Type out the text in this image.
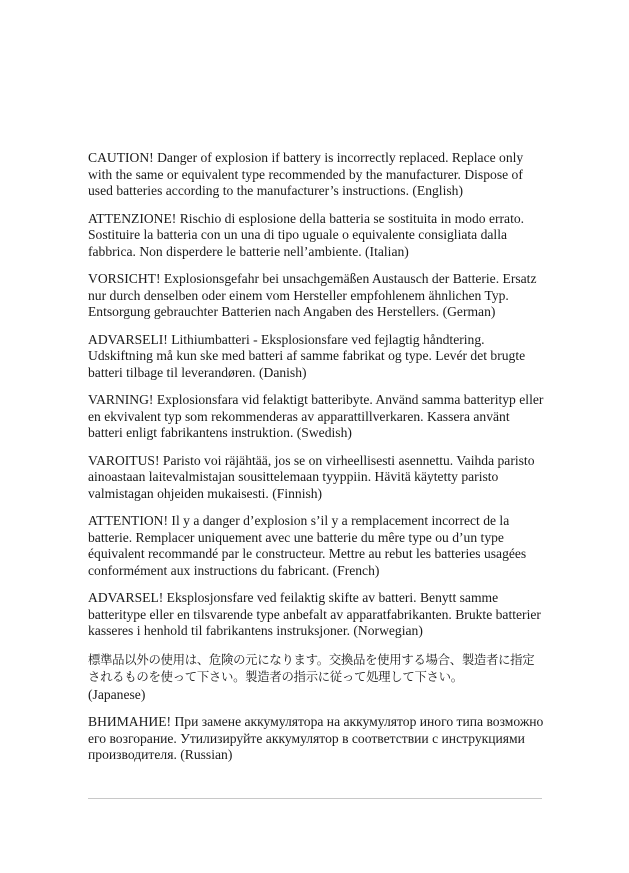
CAUTION! Danger of explosion if battery is incorrectly replaced. Replace only with the same or equivalent type recommended by the manufacturer. Dispose of used batteries according to the manufacturer’s instructions. (English)

ATTENZIONE! Rischio di esplosione della batteria se sostituita in modo errato. Sostituire la batteria con un una di tipo uguale o equivalente consigliata dalla fabbrica. Non disperdere le batterie nell’ambiente. (Italian)

VORSICHT! Explosionsgefahr bei unsachgemäßen Austausch der Batterie. Ersatz nur durch denselben oder einem vom Hersteller empfohlenem ähnlichen Typ. Entsorgung gebrauchter Batterien nach Angaben des Herstellers. (German)

ADVARSELI! Lithiumbatteri - Eksplosionsfare ved fejlagtig håndtering. Udskiftning må kun ske med batteri af samme fabrikat og type. Levér det brugte batteri tilbage til leverandøren. (Danish)

VARNING! Explosionsfara vid felaktigt batteribyte. Använd samma batterityp eller en ekvivalent typ som rekommenderas av apparattillverkaren. Kassera använt batteri enligt fabrikantens instruktion. (Swedish)

VAROITUS! Paristo voi räjähtää, jos se on virheellisesti asennettu. Vaihda paristo ainoastaan laitevalmistajan sousittelemaan tyyppiin. Hävitä käytetty paristo valmistagan ohjeiden mukaisesti. (Finnish)

ATTENTION! Il y a danger d’explosion s’il y a remplacement incorrect de la batterie. Remplacer uniquement avec une batterie du mêre type ou d’un type équivalent recommandé par le constructeur. Mettre au rebut les batteries usagées conformément aux instructions du fabricant. (French)

ADVARSEL! Eksplosjonsfare ved feilaktig skifte av batteri. Benytt samme batteritype eller en tilsvarende type anbefalt av apparatfabrikanten. Brukte batterier kasseres i henhold til fabrikantens instruksjoner. (Norwegian)

標準品以外の使用は、危険の元になります。交換品を使用する場合、製造者に指定されるものを使って下さい。製造者の指示に従って処理して下さい。
(Japanese)

ВНИМАНИЕ! При замене аккумулятора на аккумулятор иного типа возможно его возгорание. Утилизируйте аккумулятор в соответствии с инструкциями производителя. (Russian)
